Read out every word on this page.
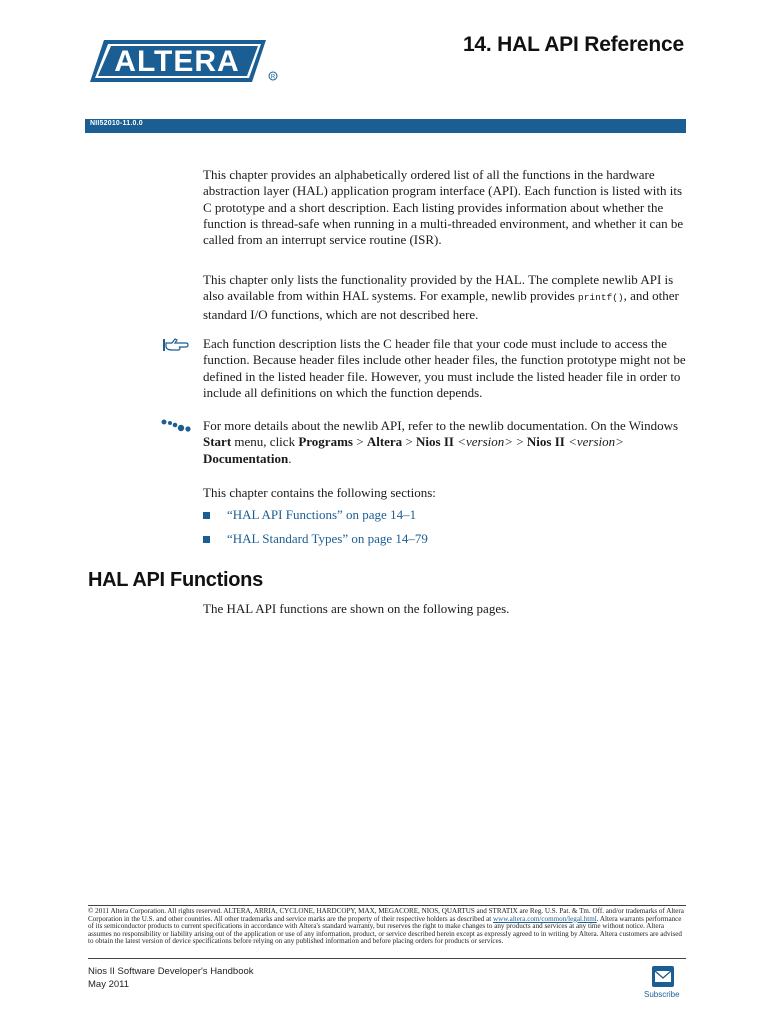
ALTERA	R
14. HAL API Reference
NII52010-11.0.0

This chapter provides an alphabetically ordered list of all the functions in the hardware abstraction layer (HAL) application program interface (API). Each function is listed with its C prototype and a short description. Each listing provides information about whether the function is thread-safe when running in a multi-threaded environment, and whether it can be called from an interrupt service routine (ISR).

This chapter only lists the functionality provided by the HAL. The complete newlib API is also available from within HAL systems. For example, newlib provides printf(), and other standard I/O functions, which are not described here.

Each function description lists the C header file that your code must include to access the function. Because header files include other header files, the function prototype might not be defined in the listed header file. However, you must include the listed header file in order to include all definitions on which the function depends.

For more details about the newlib API, refer to the newlib documentation. On the Windows Start menu, click Programs > Altera > Nios II <version> > Nios II <version>
Documentation.

This chapter contains the following sections:

“HAL API Functions” on page 14–1
“HAL Standard Types” on page 14–79
HAL API Functions

The HAL API functions are shown on the following pages.

© 2011 Altera Corporation. All rights reserved. ALTERA, ARRIA, CYCLONE, HARDCOPY, MAX, MEGACORE, NIOS, QUARTUS and STRATIX are Reg. U.S. Pat. & Tm. Off. and/or trademarks of Altera Corporation in the U.S. and other countries. All other trademarks and service marks are the property of their respective holders as described at www.altera.com/common/legal.html. Altera warrants performance of its semiconductor products to current specifications in accordance with Altera's standard warranty, but reserves the right to make changes to any products and services at any time without notice. Altera assumes no responsibility or liability arising out of the application or use of any information, product, or service described herein except as expressly agreed to in writing by Altera. Altera customers are advised to obtain the latest version of device specifications before relying on any published information and before placing orders for products or services.
Nios II Software Developer's Handbook
May 2011
Subscribe
